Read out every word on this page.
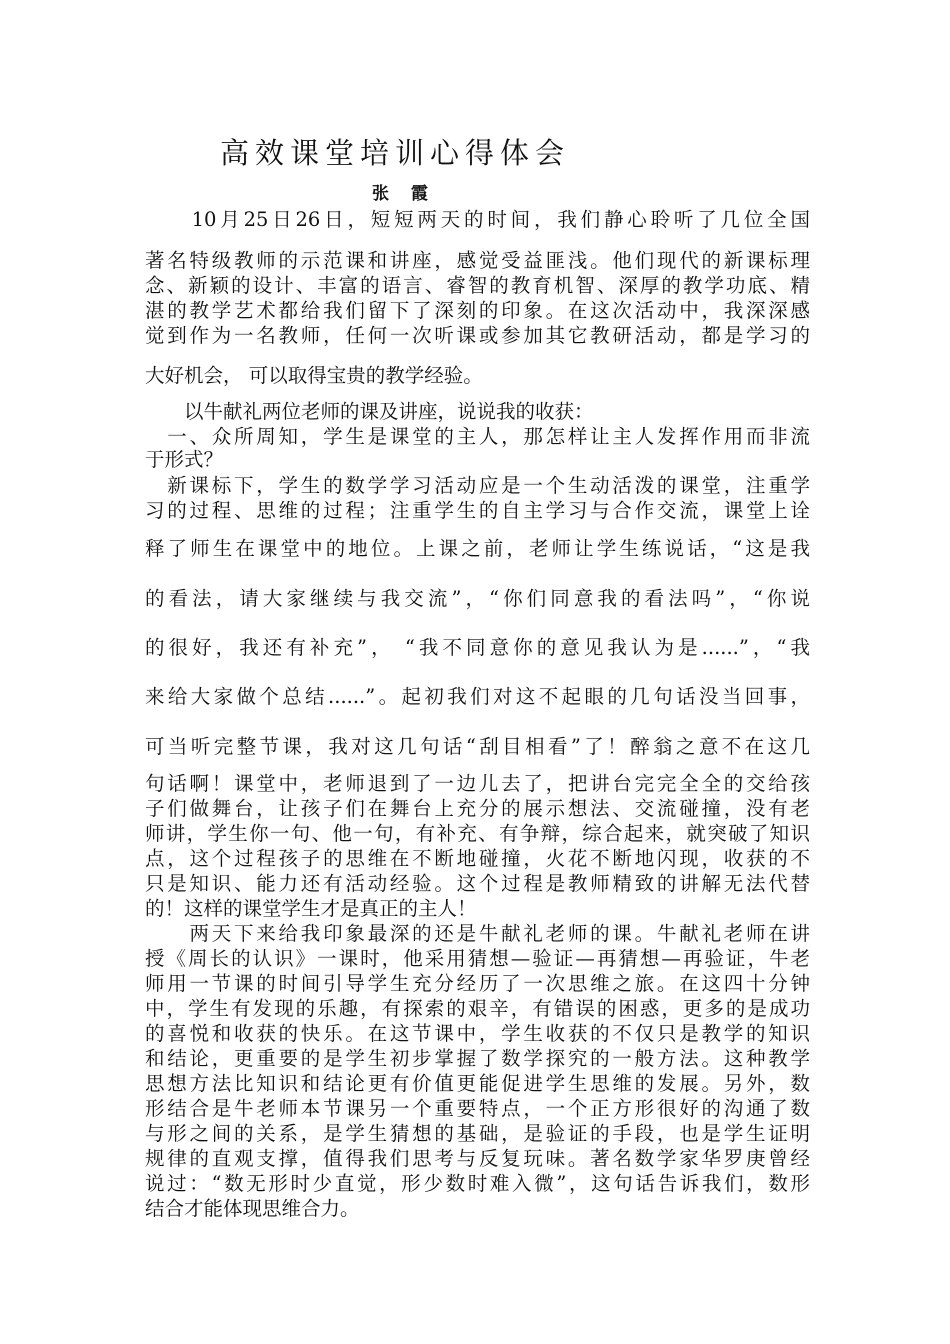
高效课堂培训心得体会
张 霞
　　10月25日26日，短短两天的时间，我们静心聆听了几位全国
著名特级教师的示范课和讲座，感觉受益匪浅。他们现代的新课标理
念、新颖的设计、丰富的语言、睿智的教育机智、深厚的教学功底、精
湛的教学艺术都给我们留下了深刻的印象。在这次活动中，我深深感
觉到作为一名教师，任何一次听课或参加其它教研活动，都是学习的
大好机会， 可以取得宝贵的教学经验。
　　以牛献礼两位老师的课及讲座，说说我的收获：
　一、众所周知，学生是课堂的主人，那怎样让主人发挥作用而非流
于形式？
　新课标下，学生的数学学习活动应是一个生动活泼的课堂，注重学
习的过程、思维的过程；注重学生的自主学习与合作交流，课堂上诠
释了师生在课堂中的地位。上课之前，老师让学生练说话，“这是我
的看法，请大家继续与我交流”，“你们同意我的看法吗”，“你说
的很好，我还有补充”， “我不同意你的意见我认为是......”，“我
来给大家做个总结......”。起初我们对这不起眼的几句话没当回事，
可当听完整节课，我对这几句话“刮目相看”了！醉翁之意不在这几
句话啊！课堂中，老师退到了一边儿去了，把讲台完完全全的交给孩
子们做舞台，让孩子们在舞台上充分的展示想法、交流碰撞，没有老
师讲，学生你一句、他一句，有补充、有争辩，综合起来，就突破了知识
点，这个过程孩子的思维在不断地碰撞，火花不断地闪现，收获的不
只是知识、能力还有活动经验。这个过程是教师精致的讲解无法代替
的！这样的课堂学生才是真正的主人！
　　两天下来给我印象最深的还是牛献礼老师的课。牛献礼老师在讲
授《周长的认识》一课时，他采用猜想—验证—再猜想—再验证，牛老
师用一节课的时间引导学生充分经历了一次思维之旅。在这四十分钟
中，学生有发现的乐趣，有探索的艰辛，有错误的困惑，更多的是成功
的喜悦和收获的快乐。在这节课中，学生收获的不仅只是教学的知识
和结论，更重要的是学生初步掌握了数学探究的一般方法。这种教学
思想方法比知识和结论更有价值更能促进学生思维的发展。另外，数
形结合是牛老师本节课另一个重要特点，一个正方形很好的沟通了数
与形之间的关系，是学生猜想的基础，是验证的手段，也是学生证明
规律的直观支撑，值得我们思考与反复玩味。著名数学家华罗庚曾经
说过：“数无形时少直觉，形少数时难入微”，这句话告诉我们，数形
结合才能体现思维合力。
